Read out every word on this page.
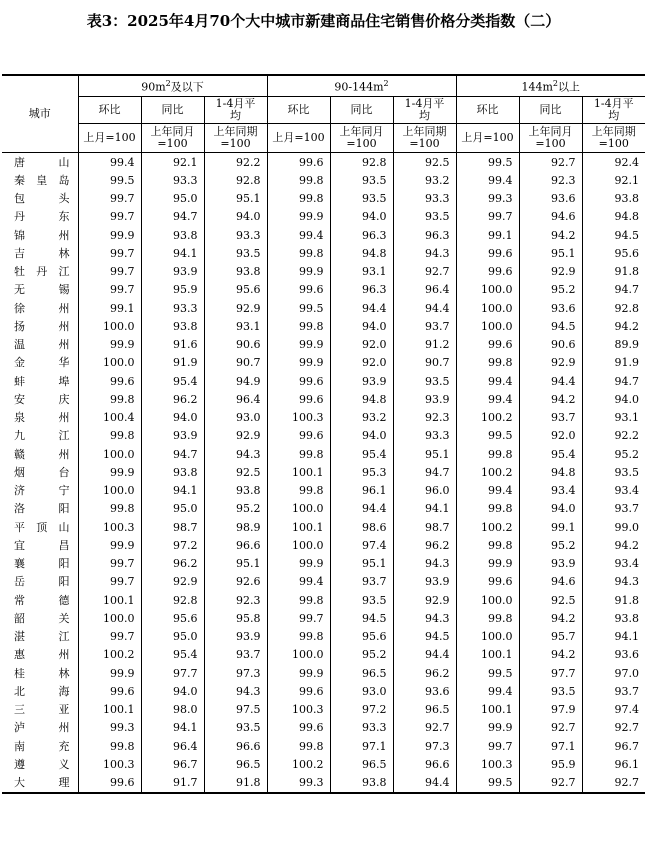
表3：2025年4月70个大中城市新建商品住宅销售价格分类指数（二）
城市	$90m^2$及以下			$90-144m^2$			$144m^2$以上		
	环比	同比	1-4月平均	环比	同比	1-4月平均	环比	同比	1-4月平均
	上月=100	上年同月=100	上年同期=100	上月=100	上年同月=100	上年同期=100	上月=100	上年同月=100	上年同期=100
唐山	99.4	92.1	92.2	99.6	92.8	92.5	99.5	92.7	92.4
秦皇岛	99.5	93.3	92.8	99.8	93.5	93.2	99.4	92.3	92.1
包头	99.7	95.0	95.1	99.8	93.5	93.3	99.3	93.6	93.8
丹东	99.7	94.7	94.0	99.9	94.0	93.5	99.7	94.6	94.8
锦州	99.9	93.8	93.3	99.4	96.3	96.3	99.1	94.2	94.5
吉林	99.7	94.1	93.5	99.8	94.8	94.3	99.6	95.1	95.6
牡丹江	99.7	93.9	93.8	99.9	93.1	92.7	99.6	92.9	91.8
无锡	99.7	95.9	95.6	99.6	96.3	96.4	100.0	95.2	94.7
徐州	99.1	93.3	92.9	99.5	94.4	94.4	100.0	93.6	92.8
扬州	100.0	93.8	93.1	99.8	94.0	93.7	100.0	94.5	94.2
温州	99.9	91.6	90.6	99.9	92.0	91.2	99.6	90.6	89.9
金华	100.0	91.9	90.7	99.9	92.0	90.7	99.8	92.9	91.9
蚌埠	99.6	95.4	94.9	99.6	93.9	93.5	99.4	94.4	94.7
安庆	99.8	96.2	96.4	99.6	94.8	93.9	99.4	94.2	94.0
泉州	100.4	94.0	93.0	100.3	93.2	92.3	100.2	93.7	93.1
九江	99.8	93.9	92.9	99.6	94.0	93.3	99.5	92.0	92.2
赣州	100.0	94.7	94.3	99.8	95.4	95.1	99.8	95.4	95.2
烟台	99.9	93.8	92.5	100.1	95.3	94.7	100.2	94.8	93.5
济宁	100.0	94.1	93.8	99.8	96.1	96.0	99.4	93.4	93.4
洛阳	99.8	95.0	95.2	100.0	94.4	94.1	99.8	94.0	93.7
平顶山	100.3	98.7	98.9	100.1	98.6	98.7	100.2	99.1	99.0
宜昌	99.9	97.2	96.6	100.0	97.4	96.2	99.8	95.2	94.2
襄阳	99.7	96.2	95.1	99.9	95.1	94.3	99.9	93.9	93.4
岳阳	99.7	92.9	92.6	99.4	93.7	93.9	99.6	94.6	94.3
常德	100.1	92.8	92.3	99.8	93.5	92.9	100.0	92.5	91.8
韶关	100.0	95.6	95.8	99.7	94.5	94.3	99.8	94.2	93.8
湛江	99.7	95.0	93.9	99.8	95.6	94.5	100.0	95.7	94.1
惠州	100.2	95.4	93.7	100.0	95.2	94.4	100.1	94.2	93.6
桂林	99.9	97.7	97.3	99.9	96.5	96.2	99.5	97.7	97.0
北海	99.6	94.0	94.3	99.6	93.0	93.6	99.4	93.5	93.7
三亚	100.1	98.0	97.5	100.3	97.2	96.5	100.1	97.9	97.4
泸州	99.3	94.1	93.5	99.6	93.3	92.7	99.9	92.7	92.7
南充	99.8	96.4	96.6	99.8	97.1	97.3	99.7	97.1	96.7
遵义	100.3	96.7	96.5	100.2	96.5	96.6	100.3	95.9	96.1
大理	99.6	91.7	91.8	99.3	93.8	94.4	99.5	92.7	92.7
